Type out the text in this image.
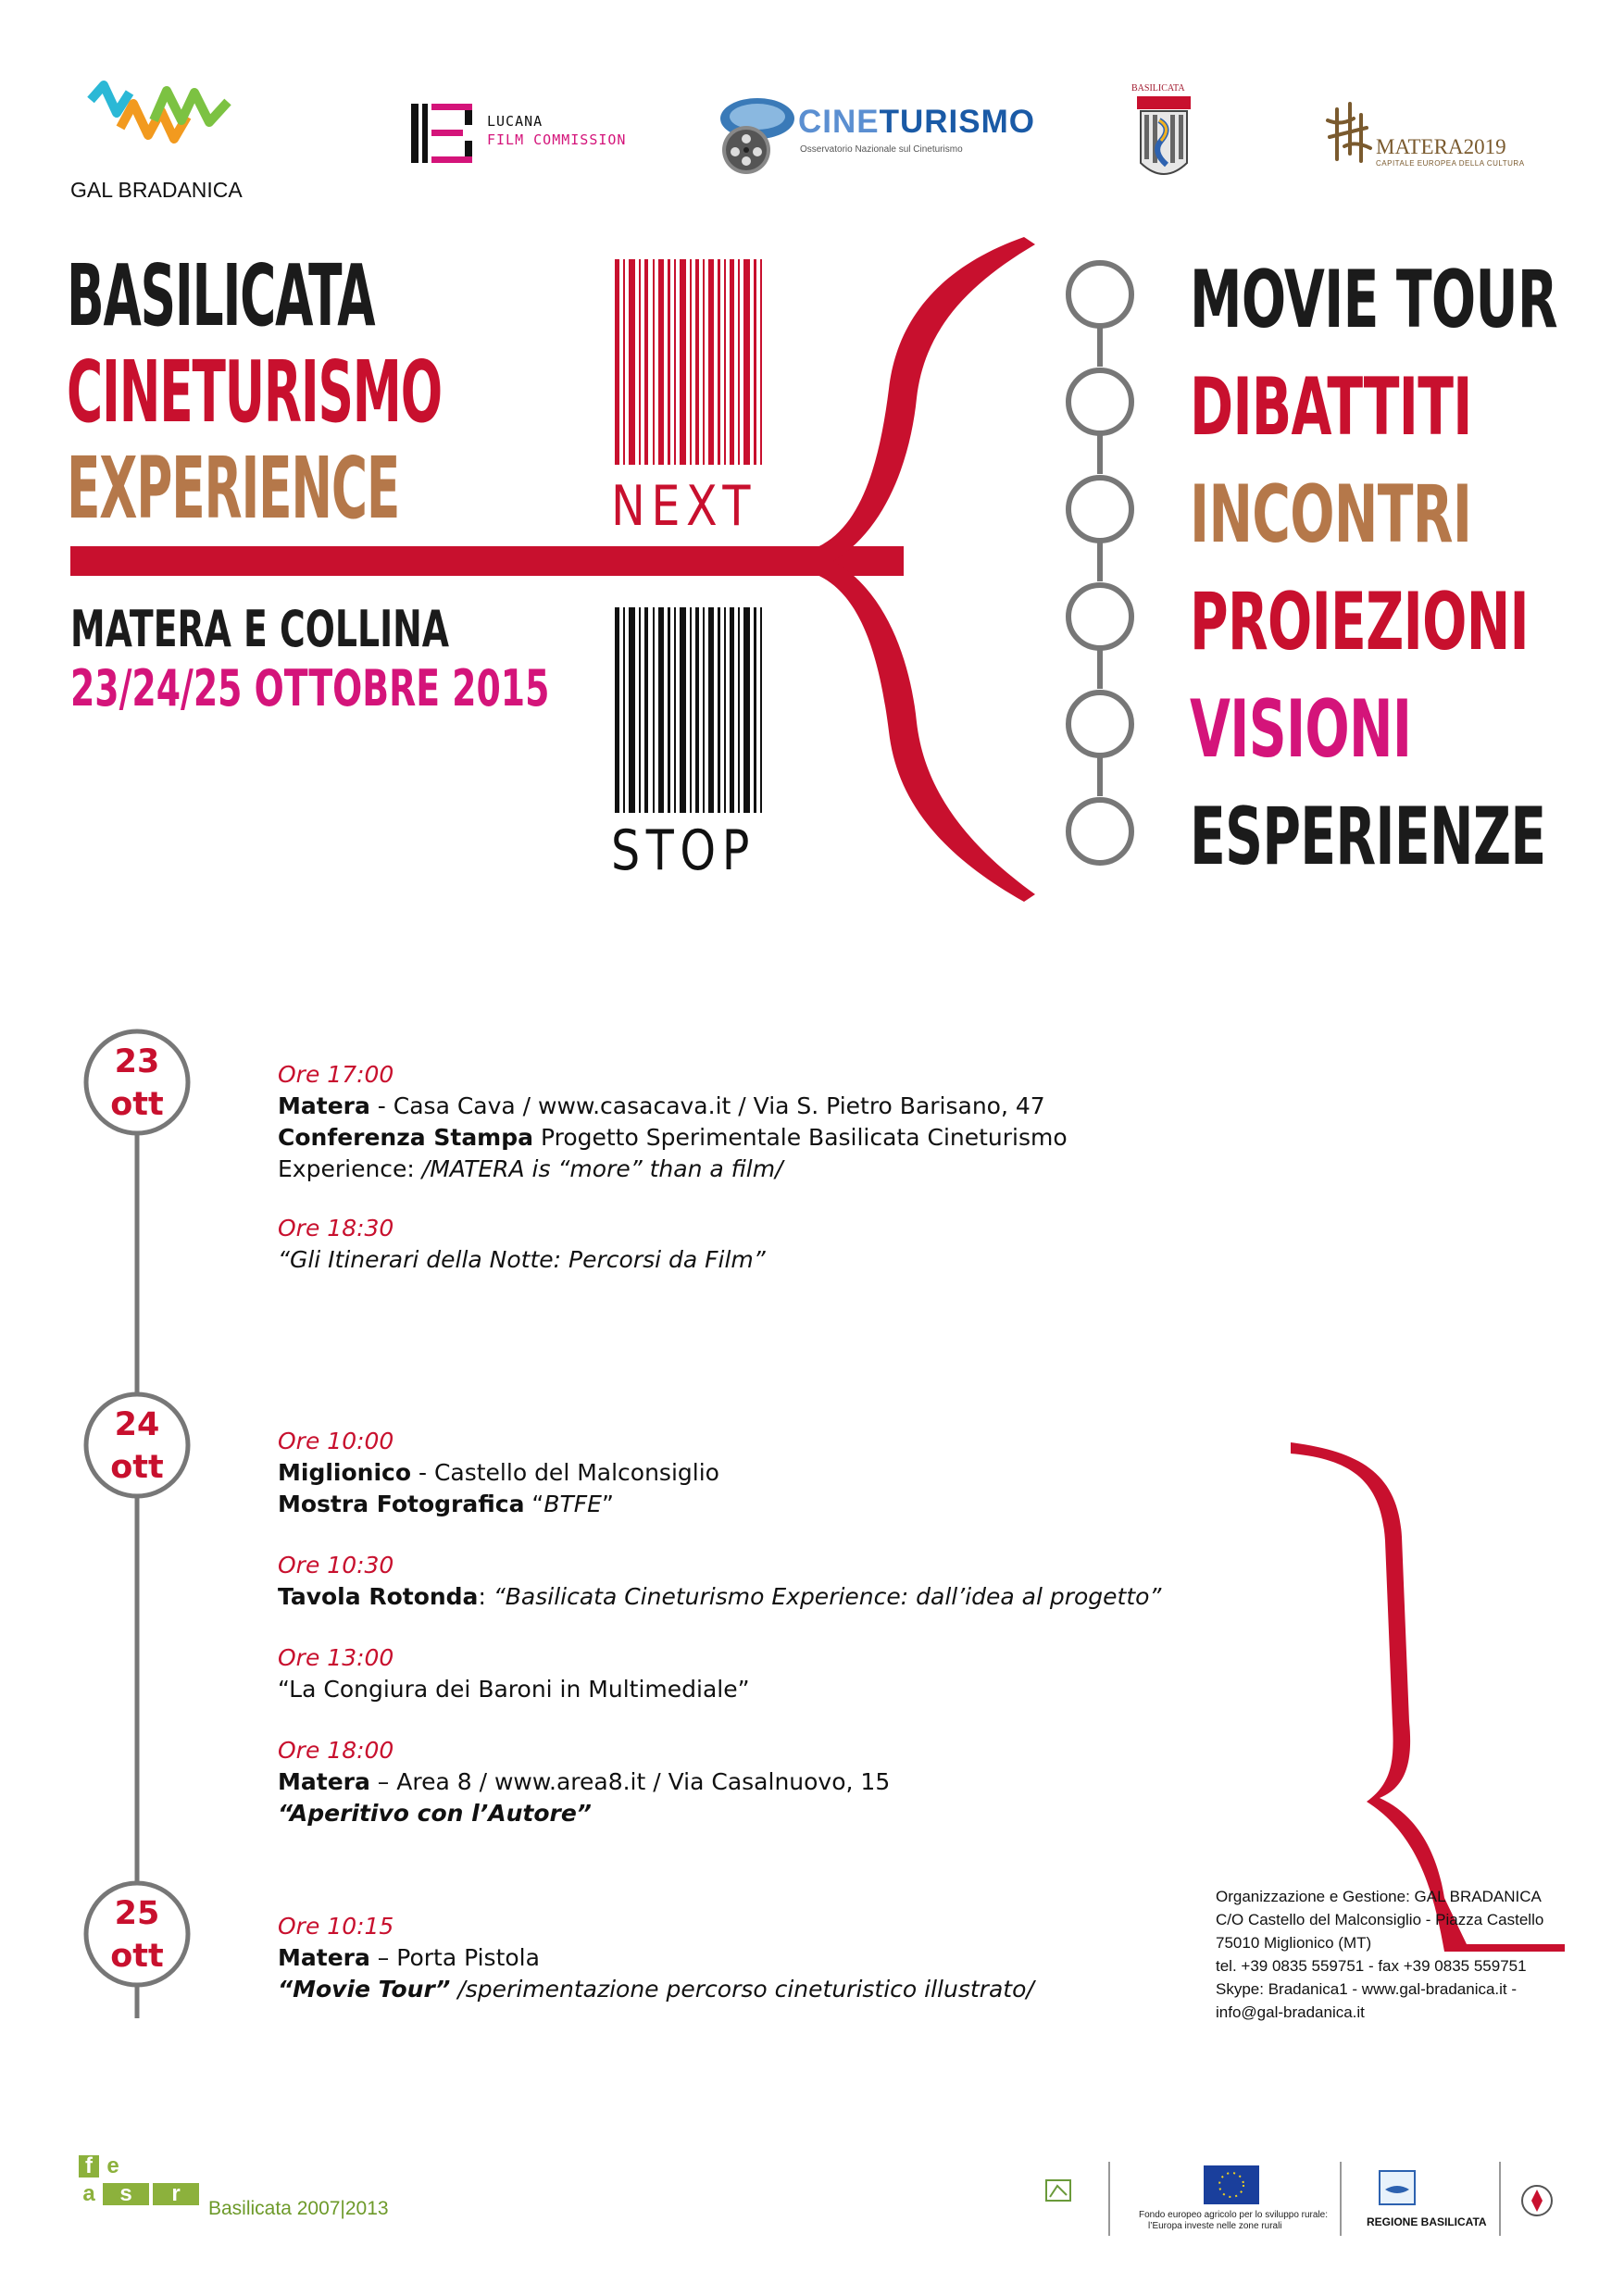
GAL BRADANICA
LUCANA
FILM COMMISSION	CINETURISMO
Osservatorio Nazionale sul Cineturismo
BASILICATA
MATERA2019
CAPITALE EUROPEA DELLA CULTURA
BASILICATA
CINETURISMO
EXPERIENCE
MATERA E COLLINA
23/24/25 OTTOBRE 2015
NEXT
STOP
MOVIE TOUR
DIBATTITI
INCONTRI
PROIEZIONI
VISIONI
ESPERIENZE
23
ott
24
ott
25
ott
Ore 17:00
Matera - Casa Cava / www.casacava.it / Via S. Pietro Barisano, 47
Conferenza Stampa Progetto Sperimentale Basilicata Cineturismo
Experience: /MATERA is “more” than a film/
Ore 18:30
“Gli Itinerari della Notte: Percorsi da Film”
Ore 10:00
Miglionico - Castello del Malconsiglio
Mostra Fotografica “BTFE”
Ore 10:30
Tavola Rotonda: “Basilicata Cineturismo Experience: dall’idea al progetto”
Ore 13:00
“La Congiura dei Baroni in Multimediale”
Ore 18:00
Matera – Area 8 / www.area8.it / Via Casalnuovo, 15
“Aperitivo con l’Autore”
Ore 10:15
Matera – Porta Pistola
“Movie Tour” /sperimentazione percorso cineturistico illustrato/
Organizzazione e Gestione: GAL BRADANICA
C/O Castello del Malconsiglio - Piazza Castello
75010 Miglionico (MT)
tel. +39 0835 559751 - fax +39 0835 559751
Skype: Bradanica1 - www.gal-bradanica.it -
info@gal-bradanica.it
f e
a	s	r
Basilicata 2007|2013	Fondo europeo agricolo per lo sviluppo rurale:
l’Europa investe nelle zone rurali	REGIONE BASILICATA
